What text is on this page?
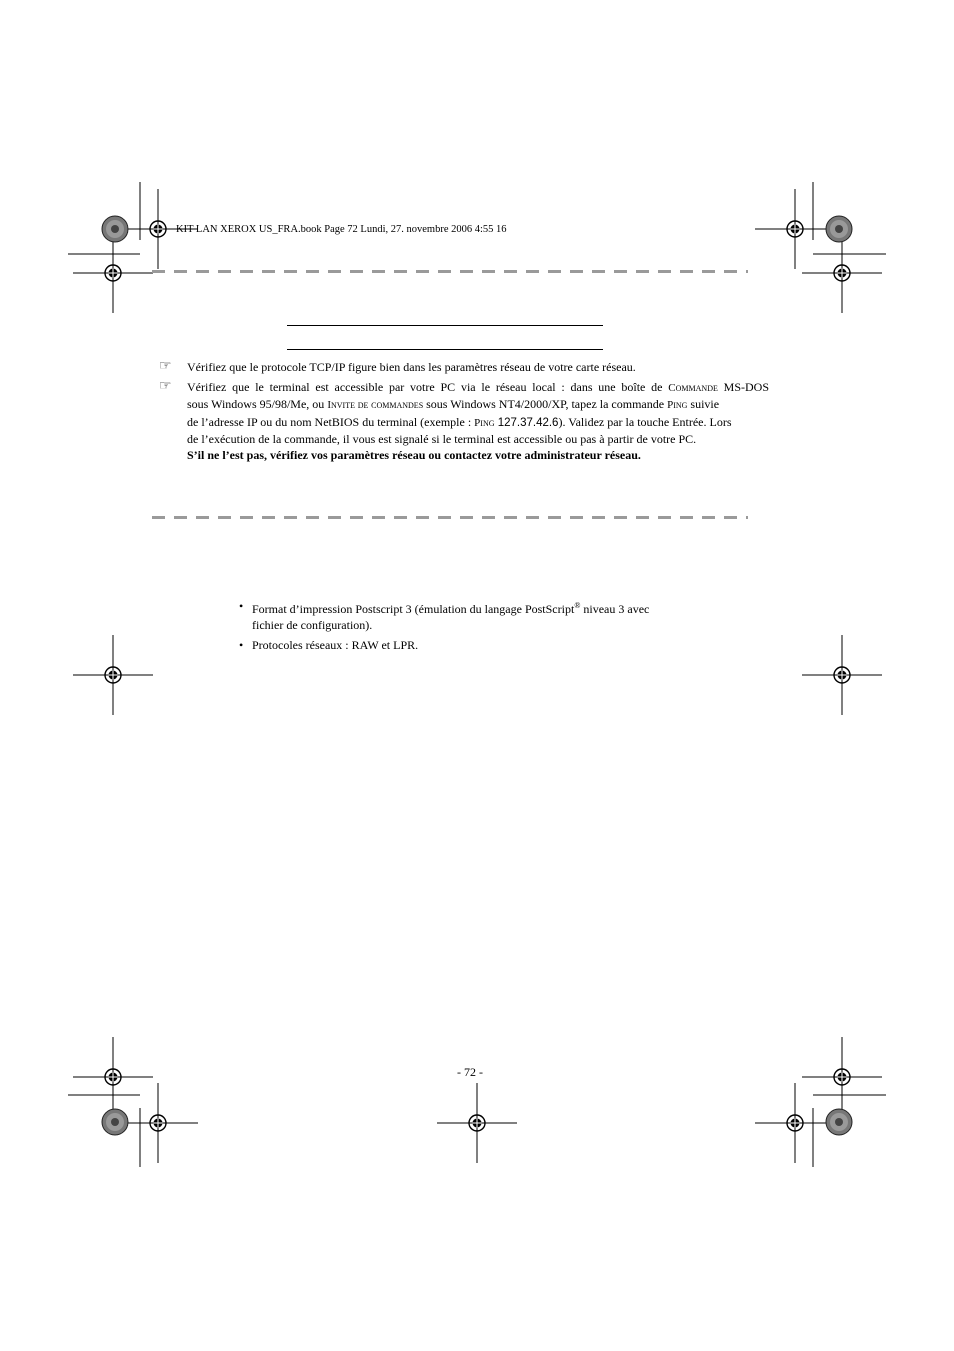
KIT LAN XEROX US_FRA.book Page 72 Lundi, 27. novembre 2006 4:55 16
☞ Vérifiez que le protocole TCP/IP figure bien dans les paramètres réseau de votre carte réseau.
☞ Vérifiez que le terminal est accessible par votre PC via le réseau local : dans une boîte de Commande MS-DOS
sous Windows 95/98/Me, ou Invite de commandes sous Windows NT4/2000/XP, tapez la commande Ping suivie
de l’adresse IP ou du nom NetBIOS du terminal (exemple : Ping 127.37.42.6). Validez par la touche Entrée. Lors
de l’exécution de la commande, il vous est signalé si le terminal est accessible ou pas à partir de votre PC.
S’il ne l’est pas, vérifiez vos paramètres réseau ou contactez votre administrateur réseau.
• Format d’impression Postscript 3 (émulation du langage PostScript® niveau 3 avec
fichier de configuration).
• Protocoles réseaux : RAW et LPR.
- 72 -
